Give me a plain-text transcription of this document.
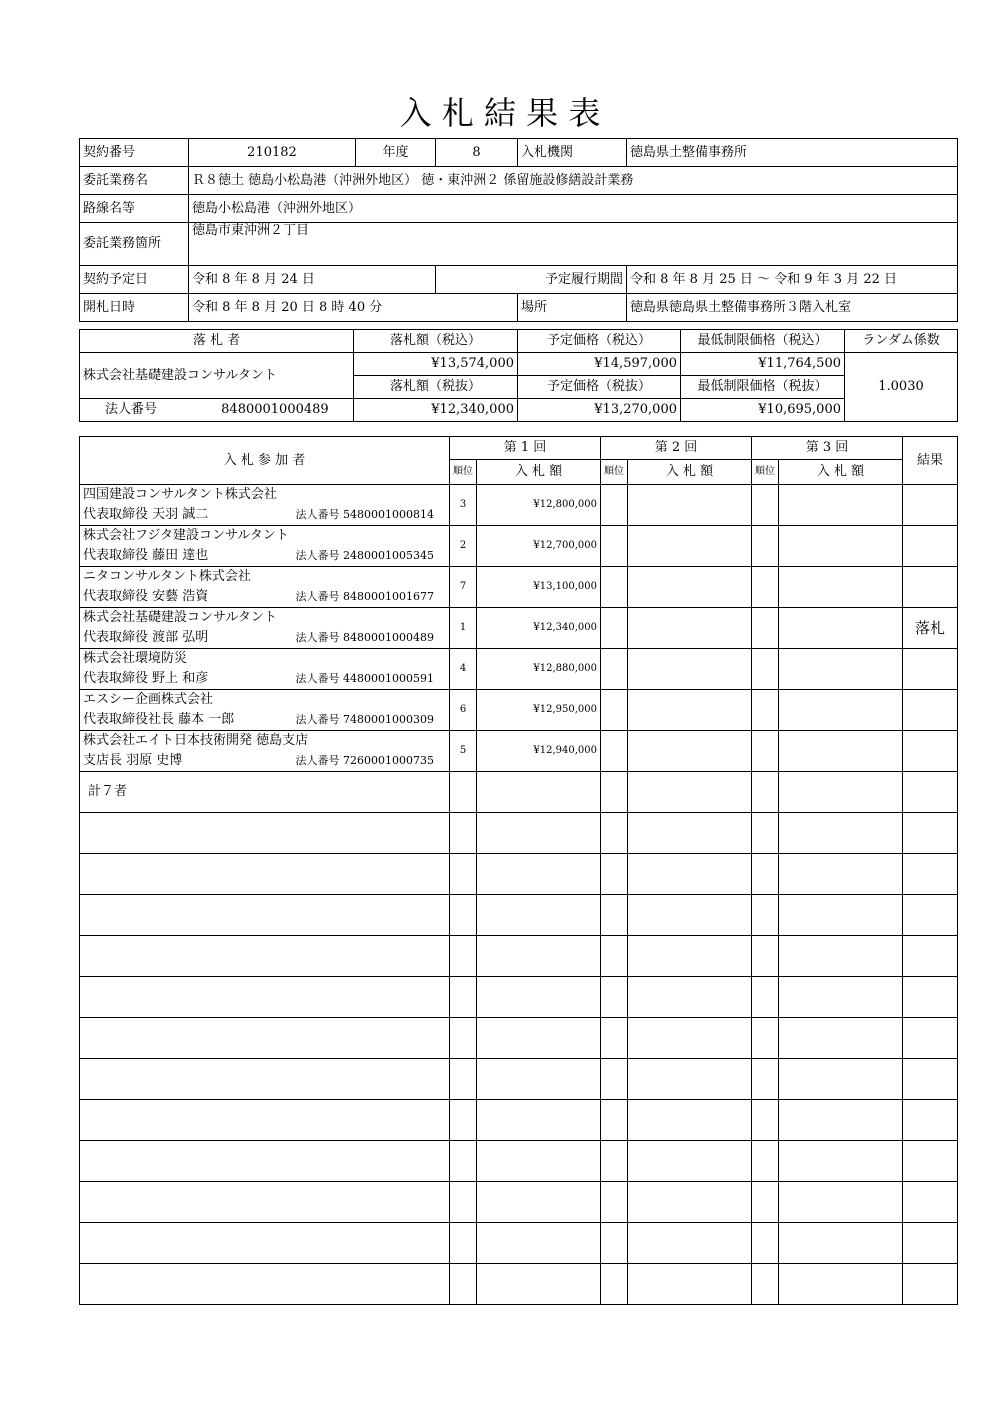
入 札 結 果 表
契約番号	210182	年度	8	入札機関	徳島県土整備事務所
委託業務名	Ｒ８徳土 徳島小松島港（沖洲外地区） 徳・東沖洲２ 係留施設修繕設計業務				
路線名等	徳島小松島港（沖洲外地区）				
委託業務箇所	徳島市東沖洲２丁目				
契約予定日	令和 8 年 8 月 24 日		予定履行期間		令和 8 年 8 月 25 日 ～ 令和 9 年 3 月 22 日
開札日時	令和 8 年 8 月 20 日 8 時 40 分			場所	徳島県徳島県土整備事務所３階入札室
落 札 者	落札額（税込）	予定価格（税込）	最低制限価格（税込）	ランダム係数
株式会社基礎建設コンサルタント	¥13,574,000	¥14,597,000	¥11,764,500	1.0030
	落札額（税抜）	予定価格（税抜）	最低制限価格（税抜）	
法人番号 8480001000489	¥12,340,000	¥13,270,000	¥10,695,000	
入 札 参 加 者	第 1 回		第 2 回		第 3 回		結果
	順位	入 札 額	順位	入 札 額	順位	入 札 額	

四国建設コンサルタント株式会社
代表取締役 天羽 誠二 法人番号 5480001000814	3	¥12,800,000					

株式会社フジタ建設コンサルタント
代表取締役 藤田 達也 法人番号 2480001005345	2	¥12,700,000					

ニタコンサルタント株式会社
代表取締役 安藝 浩資 法人番号 8480001001677	7	¥13,100,000					

株式会社基礎建設コンサルタント
代表取締役 渡部 弘明 法人番号 8480001000489	1	¥12,340,000					落札

株式会社環境防災
代表取締役 野上 和彦 法人番号 4480001000591	4	¥12,880,000					

エスシー企画株式会社
代表取締役社長 藤本 一郎 法人番号 7480001000309	6	¥12,950,000					

株式会社エイト日本技術開発 徳島支店
支店長 羽原 史博 法人番号 7260001000735	5	¥12,940,000					
計７者							
